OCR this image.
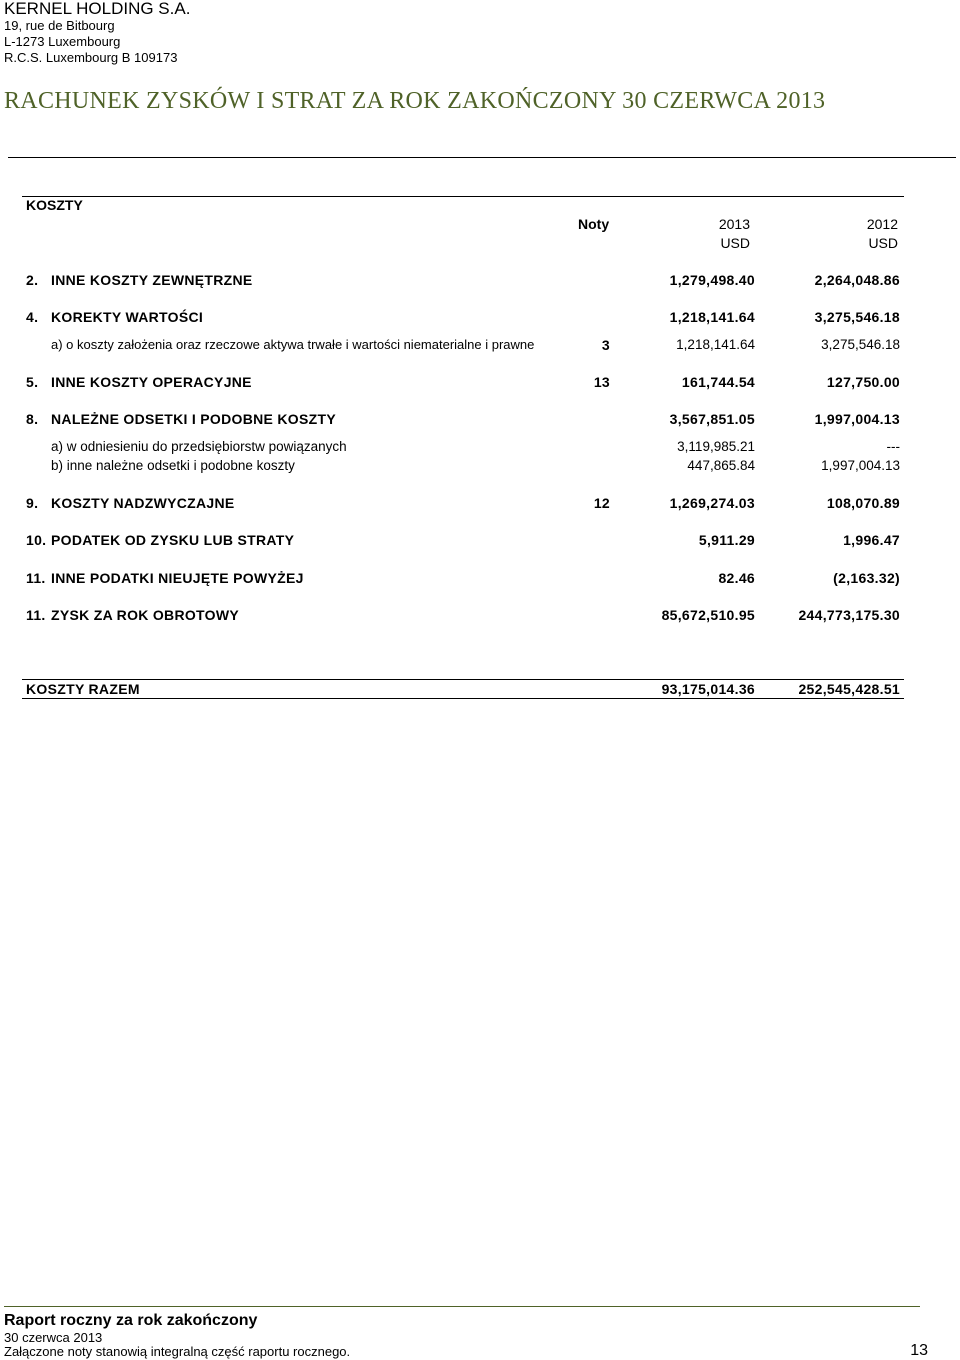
KERNEL HOLDING S.A.
19, rue de Bitbourg
L-1273 Luxembourg
R.C.S. Luxembourg B 109173
RACHUNEK ZYSKÓW I STRAT ZA ROK ZAKOŃCZONY 30 CZERWCA 2013
KOSZTY
Noty	2013	2012
USD	USD
2. INNE KOSZTY ZEWNĘTRZNE	1,279,498.40	2,264,048.86
4. KOREKTY WARTOŚCI	1,218,141.64	3,275,546.18
a) o koszty założenia oraz rzeczowe aktywa trwałe i wartości niematerialne i prawne	3	1,218,141.64	3,275,546.18
5. INNE KOSZTY OPERACYJNE	13	161,744.54	127,750.00
8. NALEŻNE ODSETKI I PODOBNE KOSZTY	3,567,851.05	1,997,004.13
a) w odniesieniu do przedsiębiorstw powiązanych	3,119,985.21	---
b) inne należne odsetki i podobne koszty	447,865.84	1,997,004.13
9. KOSZTY NADZWYCZAJNE	12	1,269,274.03	108,070.89
10. PODATEK OD ZYSKU LUB STRATY	5,911.29	1,996.47
11. INNE PODATKI NIEUJĘTE POWYŻEJ	82.46	(2,163.32)
11. ZYSK ZA ROK OBROTOWY	85,672,510.95	244,773,175.30
KOSZTY RAZEM	93,175,014.36	252,545,428.51
Raport roczny za rok zakończony
30 czerwca 2013
Załączone noty stanowią integralną część raportu rocznego.	13
